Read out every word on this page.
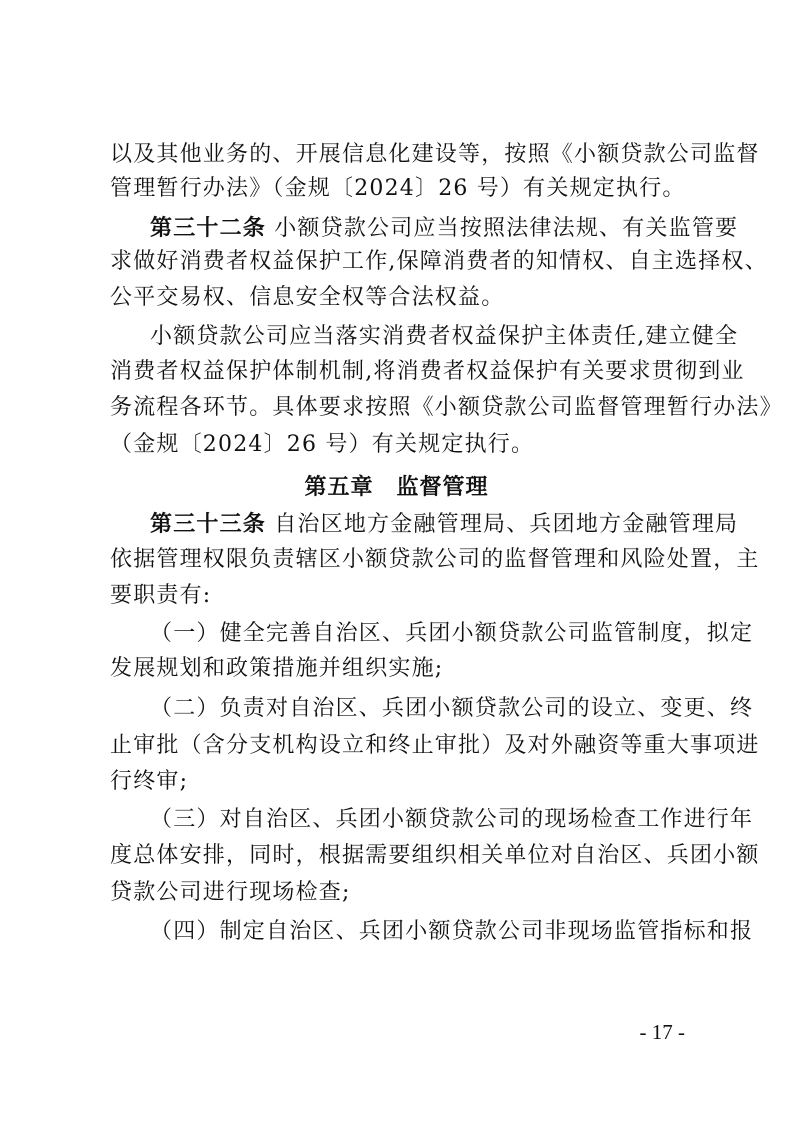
以及其他业务的、开展信息化建设等，按照《小额贷款公司监督
管理暂行办法》（金规〔2024〕26 号）有关规定执行。
第三十二条 小额贷款公司应当按照法律法规、有关监管要
求做好消费者权益保护工作,保障消费者的知情权、自主选择权、
公平交易权、信息安全权等合法权益。
小额贷款公司应当落实消费者权益保护主体责任,建立健全
消费者权益保护体制机制,将消费者权益保护有关要求贯彻到业
务流程各环节。具体要求按照《小额贷款公司监督管理暂行办法》
（金规〔2024〕26 号）有关规定执行。
第五章　监督管理
第三十三条 自治区地方金融管理局、兵团地方金融管理局
依据管理权限负责辖区小额贷款公司的监督管理和风险处置，主
要职责有:
（一）健全完善自治区、兵团小额贷款公司监管制度，拟定
发展规划和政策措施并组织实施;
（二）负责对自治区、兵团小额贷款公司的设立、变更、终
止审批（含分支机构设立和终止审批）及对外融资等重大事项进
行终审;
（三）对自治区、兵团小额贷款公司的现场检查工作进行年
度总体安排，同时，根据需要组织相关单位对自治区、兵团小额
贷款公司进行现场检查;
（四）制定自治区、兵团小额贷款公司非现场监管指标和报
- 17 -
